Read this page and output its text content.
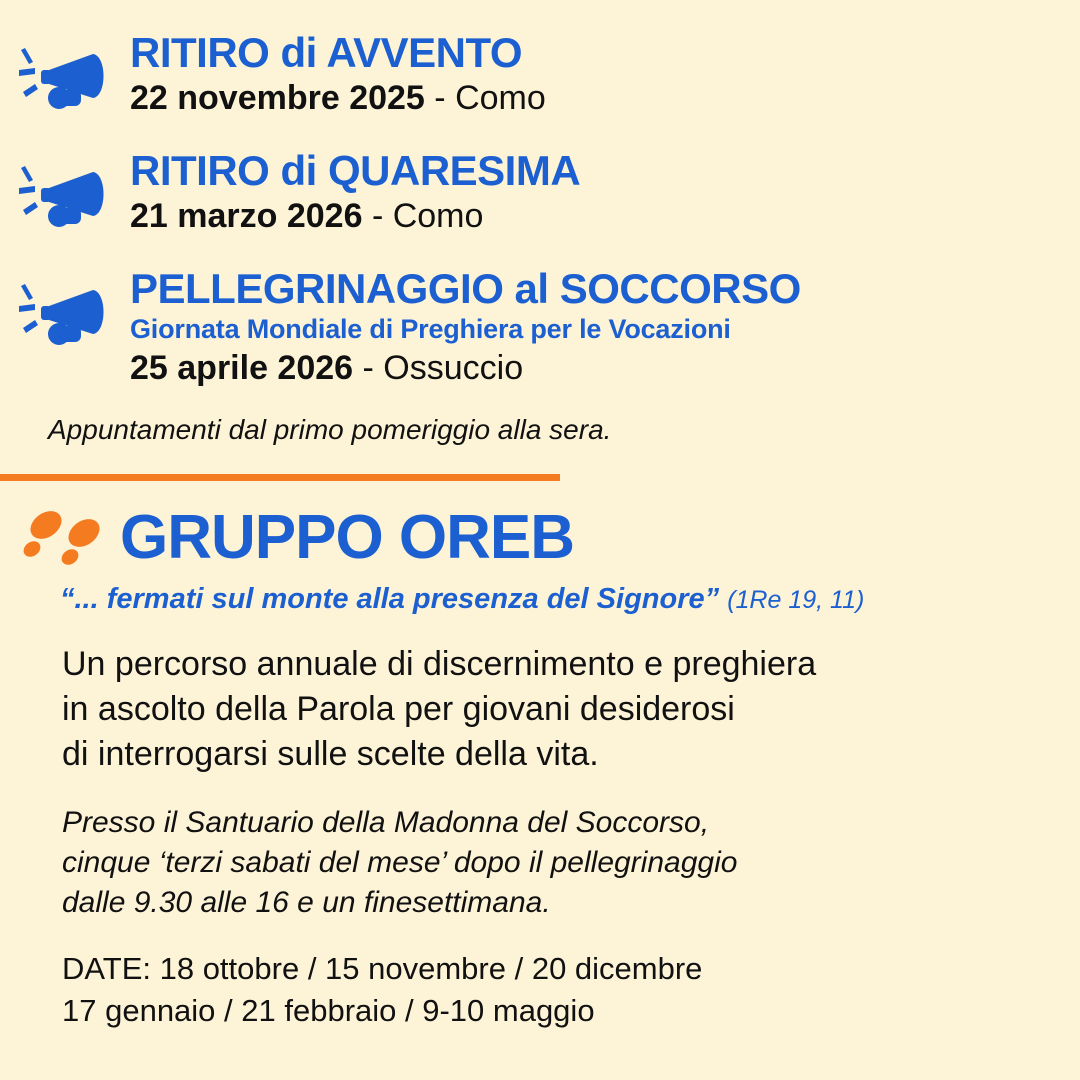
RITIRO di AVVENTO
22 novembre 2025 - Como
RITIRO di QUARESIMA
21 marzo 2026 - Como
PELLEGRINAGGIO al SOCCORSO
Giornata Mondiale di Preghiera per le Vocazioni
25 aprile 2026 - Ossuccio
Appuntamenti dal primo pomeriggio alla sera.
GRUPPO OREB
“... fermati sul monte alla presenza del Signore” (1Re 19, 11)
Un percorso annuale di discernimento e preghiera
in ascolto della Parola per giovani desiderosi
di interrogarsi sulle scelte della vita.
Presso il Santuario della Madonna del Soccorso,
cinque ‘terzi sabati del mese’ dopo il pellegrinaggio
dalle 9.30 alle 16 e un finesettimana.
DATE: 18 ottobre / 15 novembre / 20 dicembre
17 gennaio / 21 febbraio / 9-10 maggio
